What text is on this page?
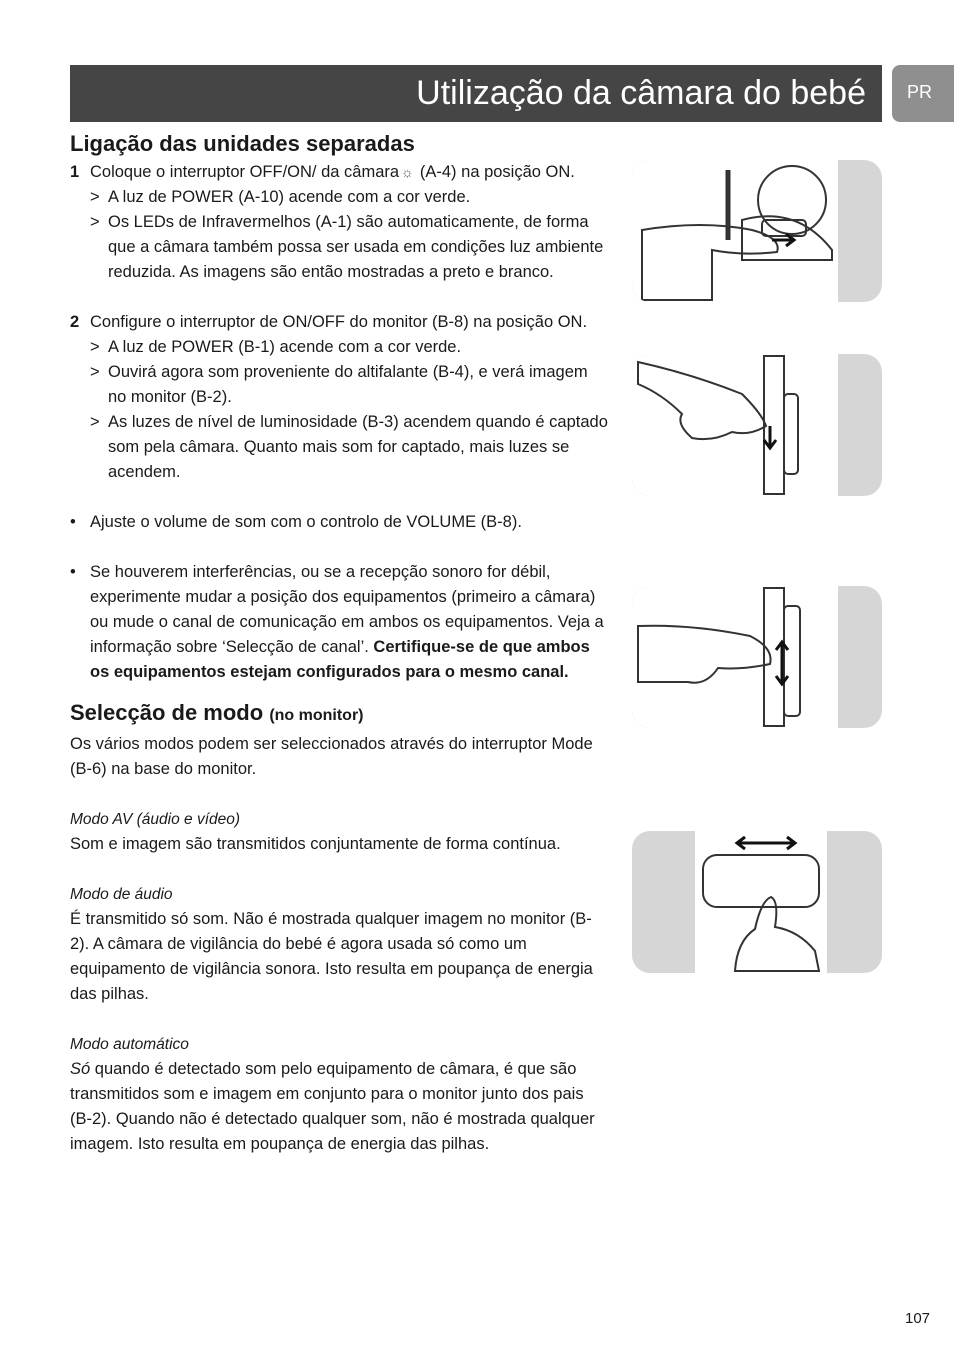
Utilização da câmara do bebé PR
Ligação das unidades separadas
1 Coloque o interruptor OFF/ON/ da câmara ☼ (A-4) na posição ON.
> A luz de POWER (A-10) acende com a cor verde.
> Os LEDs de Infravermelhos (A-1) são automaticamente, de forma que a câmara também possa ser usada em condições luz ambiente reduzida. As imagens são então mostradas a preto e branco.
2 Configure o interruptor de ON/OFF do monitor (B-8) na posição ON.
> A luz de POWER (B-1) acende com a cor verde.
> Ouvirá agora som proveniente do altifalante (B-4), e verá imagem no monitor (B-2).
> As luzes de nível de luminosidade (B-3) acendem quando é captado som pela câmara. Quanto mais som for captado, mais luzes se acendem.
• Ajuste o volume de som com o controlo de VOLUME (B-8).
• Se houverem interferências, ou se a recepção sonoro for débil, experimente mudar a posição dos equipamentos (primeiro a câmara) ou mude o canal de comunicação em ambos os equipamentos. Veja a informação sobre ‘Selecção de canal’. Certifique-se de que ambos os equipamentos estejam configurados para o mesmo canal.
Selecção de modo (no monitor)

Os vários modos podem ser seleccionados através do interruptor Mode (B-6) na base do monitor.

Modo AV (áudio e vídeo)

Som e imagem são transmitidos conjuntamente de forma contínua.

Modo de áudio

É transmitido só som. Não é mostrada qualquer imagem no monitor (B-2). A câmara de vigilância do bebé é agora usada só como um equipamento de vigilância sonora. Isto resulta em poupança de energia das pilhas.

Modo automático

Só quando é detectado som pelo equipamento de câmara, é que são transmitidos som e imagem em conjunto para o monitor junto dos pais (B-2). Quando não é detectado qualquer som, não é mostrada qualquer imagem. Isto resulta em poupança de energia das pilhas.

107
